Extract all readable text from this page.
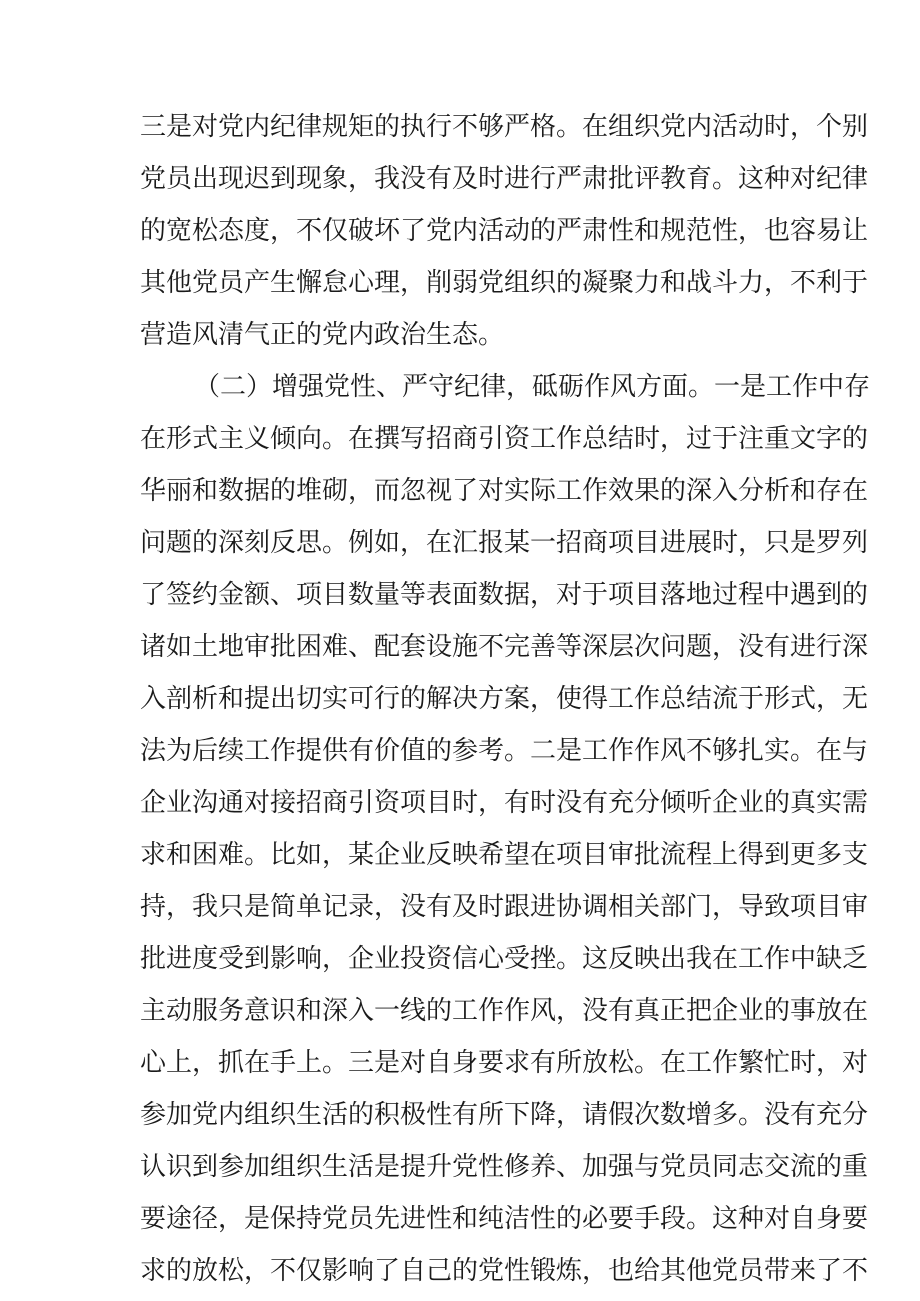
三是对党内纪律规矩的执行不够严格。在组织党内活动时，个别
党员出现迟到现象，我没有及时进行严肃批评教育。这种对纪律
的宽松态度，不仅破坏了党内活动的严肃性和规范性，也容易让
其他党员产生懈怠心理，削弱党组织的凝聚力和战斗力，不利于
营造风清气正的党内政治生态。
（二）增强党性、严守纪律，砥砺作风方面。一是工作中存
在形式主义倾向。在撰写招商引资工作总结时，过于注重文字的
华丽和数据的堆砌，而忽视了对实际工作效果的深入分析和存在
问题的深刻反思。例如，在汇报某一招商项目进展时，只是罗列
了签约金额、项目数量等表面数据，对于项目落地过程中遇到的
诸如土地审批困难、配套设施不完善等深层次问题，没有进行深
入剖析和提出切实可行的解决方案，使得工作总结流于形式，无
法为后续工作提供有价值的参考。二是工作作风不够扎实。在与
企业沟通对接招商引资项目时，有时没有充分倾听企业的真实需
求和困难。比如，某企业反映希望在项目审批流程上得到更多支
持，我只是简单记录，没有及时跟进协调相关部门，导致项目审
批进度受到影响，企业投资信心受挫。这反映出我在工作中缺乏
主动服务意识和深入一线的工作作风，没有真正把企业的事放在
心上，抓在手上。三是对自身要求有所放松。在工作繁忙时，对
参加党内组织生活的积极性有所下降，请假次数增多。没有充分
认识到参加组织生活是提升党性修养、加强与党员同志交流的重
要途径，是保持党员先进性和纯洁性的必要手段。这种对自身要
求的放松，不仅影响了自己的党性锻炼，也给其他党员带来了不
